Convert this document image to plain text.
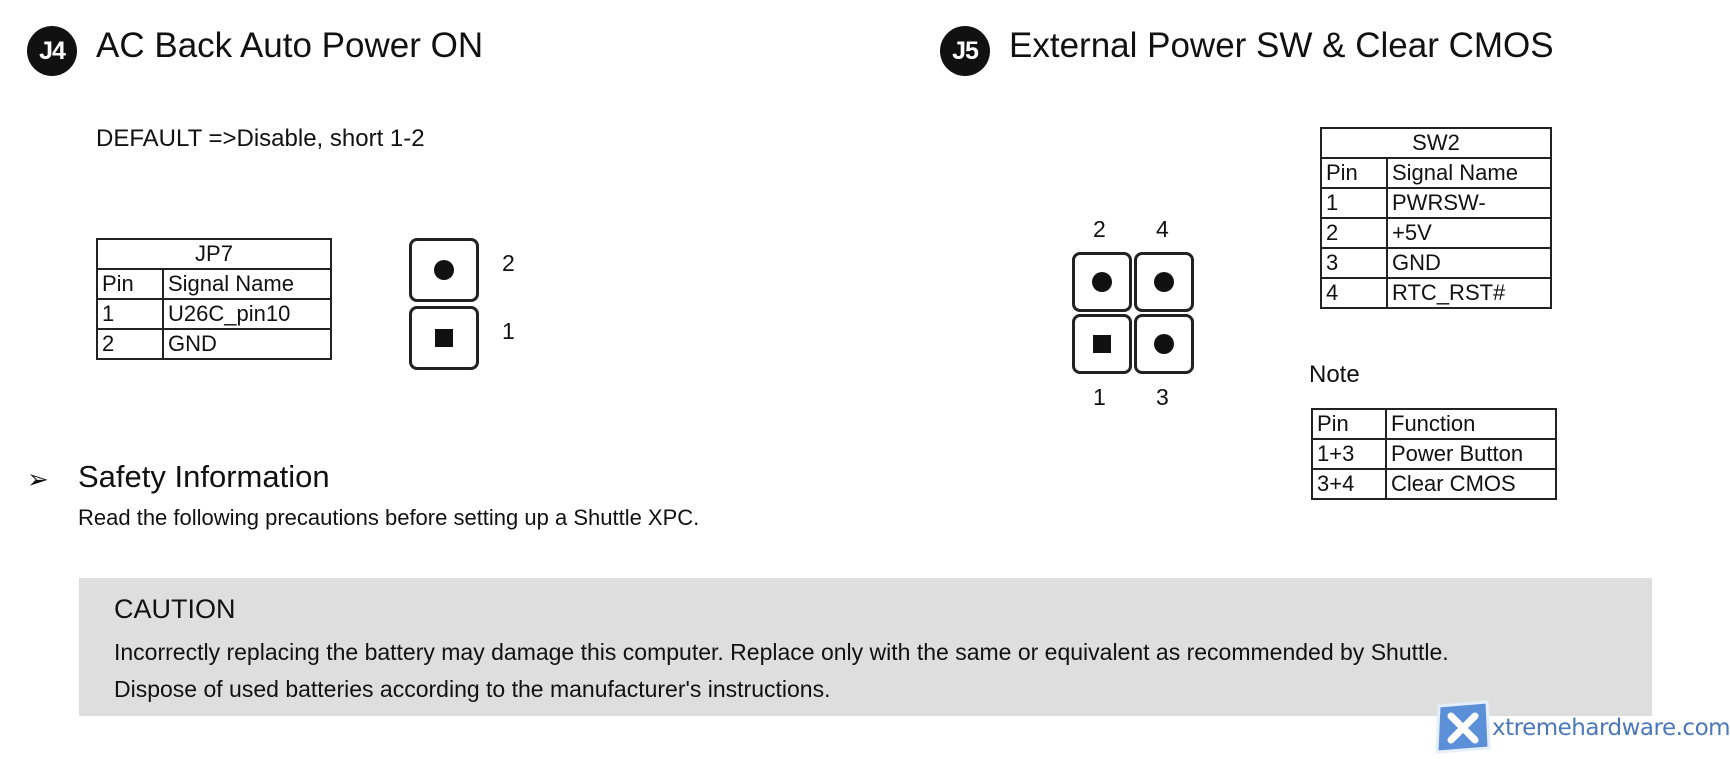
J4 AC Back Auto Power ON
DEFAULT =>Disable, short 1-2
JP7	
Pin	Signal Name
1	U26C_pin10
2	GND
2
1
J5 External Power SW & Clear CMOS
2 4
1 3
SW2	
Pin	Signal Name
1	PWRSW-
2	+5V
3	GND
4	RTC_RST#
Note
Pin	Function
1+3	Power Button
3+4	Clear CMOS
➢ Safety Information
Read the following precautions before setting up a Shuttle XPC.
CAUTION
Incorrectly replacing the battery may damage this computer. Replace only with the same or equivalent as recommended by Shuttle.
Dispose of used batteries according to the manufacturer's instructions.
xtremehardware.com
